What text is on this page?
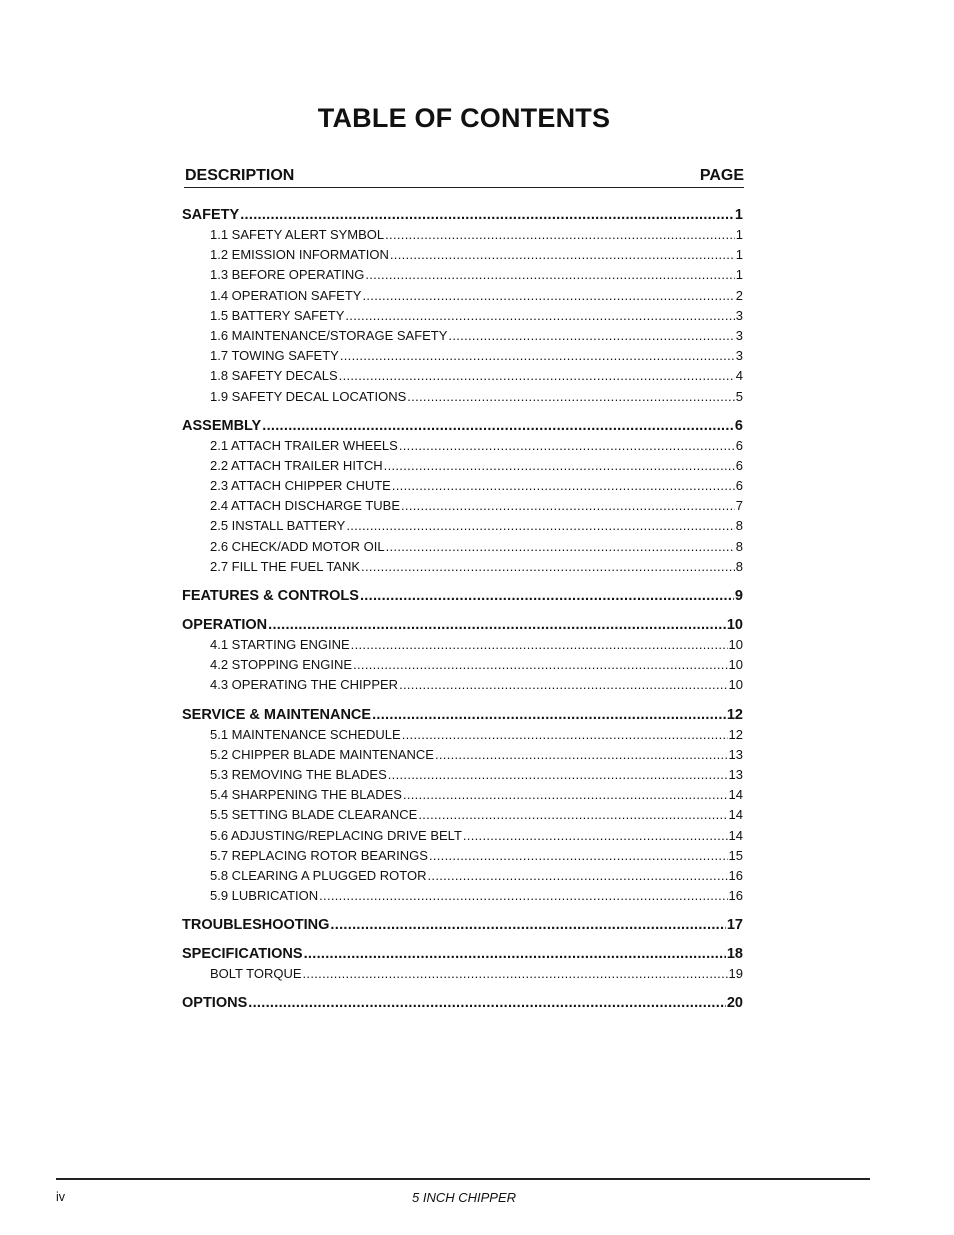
TABLE OF CONTENTS
DESCRIPTION	PAGE
SAFETY .....	1
1.1 SAFETY ALERT SYMBOL .....	1
1.2 EMISSION INFORMATION .....	1
1.3 BEFORE OPERATING .....	1
1.4 OPERATION SAFETY .....	2
1.5 BATTERY SAFETY .....	3
1.6 MAINTENANCE/STORAGE SAFETY .....	3
1.7 TOWING SAFETY .....	3
1.8 SAFETY DECALS .....	4
1.9 SAFETY DECAL LOCATIONS .....	5
ASSEMBLY .....	6
2.1 ATTACH TRAILER WHEELS .....	6
2.2 ATTACH TRAILER HITCH .....	6
2.3 ATTACH CHIPPER CHUTE .....	6
2.4 ATTACH DISCHARGE TUBE .....	7
2.5 INSTALL BATTERY .....	8
2.6 CHECK/ADD MOTOR OIL .....	8
2.7 FILL THE FUEL TANK .....	8
FEATURES & CONTROLS .....	9
OPERATION .....	10
4.1 STARTING ENGINE .....	10
4.2 STOPPING ENGINE .....	10
4.3 OPERATING THE CHIPPER .....	10
SERVICE & MAINTENANCE .....	12
5.1 MAINTENANCE SCHEDULE .....	12
5.2 CHIPPER BLADE MAINTENANCE .....	13
5.3 REMOVING THE BLADES .....	13
5.4 SHARPENING THE BLADES .....	14
5.5 SETTING BLADE CLEARANCE .....	14
5.6 ADJUSTING/REPLACING DRIVE BELT .....	14
5.7 REPLACING ROTOR BEARINGS .....	15
5.8 CLEARING A PLUGGED ROTOR .....	16
5.9 LUBRICATION .....	16
TROUBLESHOOTING .....	17
SPECIFICATIONS .....	18
BOLT TORQUE .....	19
OPTIONS .....	20
iv	5 INCH CHIPPER
